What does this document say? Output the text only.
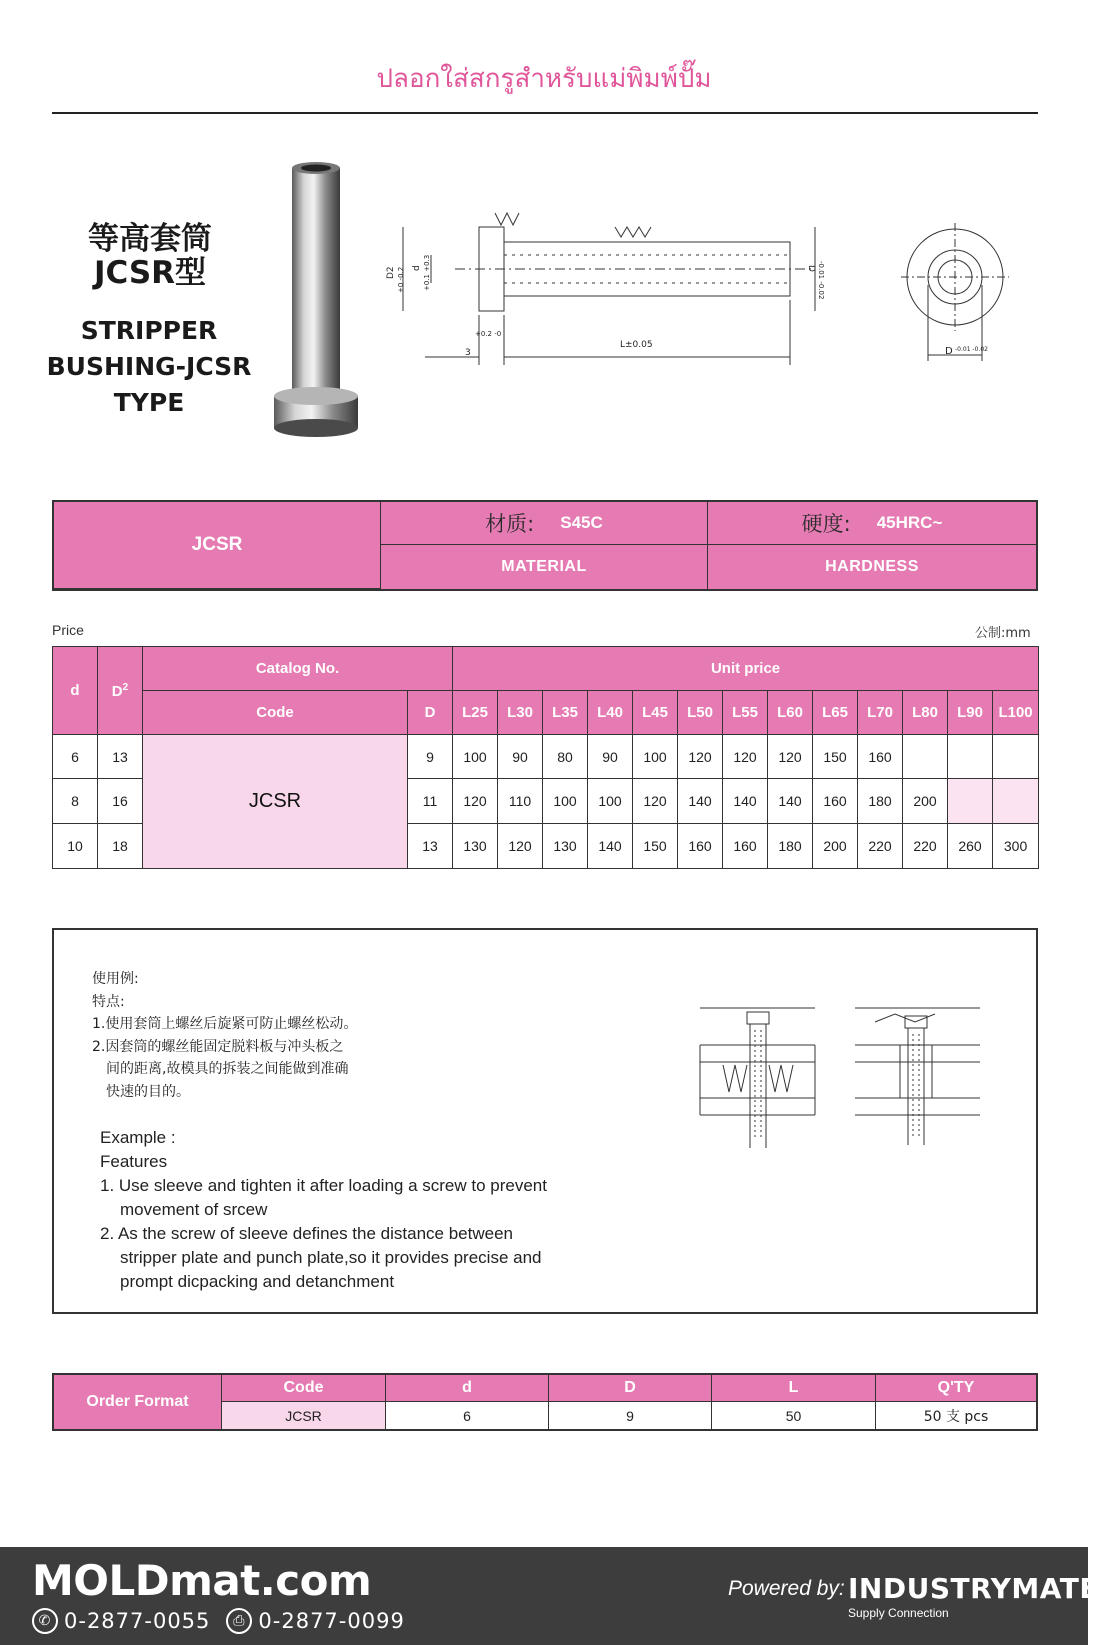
ปลอกใส่สกรูสำหรับแม่พิมพ์ปั๊ม
等高套筒
JCSR型
STRIPPER
BUSHING-JCSR
TYPE
D2 d +0.1 +0.3
+0 -0.2	D -0.01 -0.02
3
+0.2 -0
L±0.05
D -0.01 -0.02
JCSR
材质: S45C	硬度: 45HRC~
MATERIAL	HARDNESS
Price	公制:mm
d	$D^2$	Catalog No.		Unit price												
		Code	D	L25	L30	L35	L40	L45	L50	L55	L60	L65	L70	L80	L90	L100
6	13	JCSR	9	100	90	80	90	100	120	120	120	150	160			
8	16		11	120	110	100	100	120	140	140	140	160	180	200		
10	18		13	130	120	130	140	150	160	160	180	200	220	220	260	300
使用例:
特点:
1.使用套筒上螺丝后旋紧可防止螺丝松动。
2.因套筒的螺丝能固定脱料板与冲头板之
间的距离,故模具的拆装之间能做到准确
快速的目的。
Example :
Features
1. Use sleeve and tighten it after loading a screw to prevent
movement of srcew
2. As the screw of sleeve defines the distance between
stripper plate and punch plate,so it provides precise and
prompt dicpacking and detanchment
Order Format
Code	d	D	L	Q'TY
JCSR	6	9	50	50 支 pcs
MOLDmat.com
✆ 0-2877-0055	⎙ 0-2877-0099
Powered by: INDUSTRYMATE
Supply Connection
